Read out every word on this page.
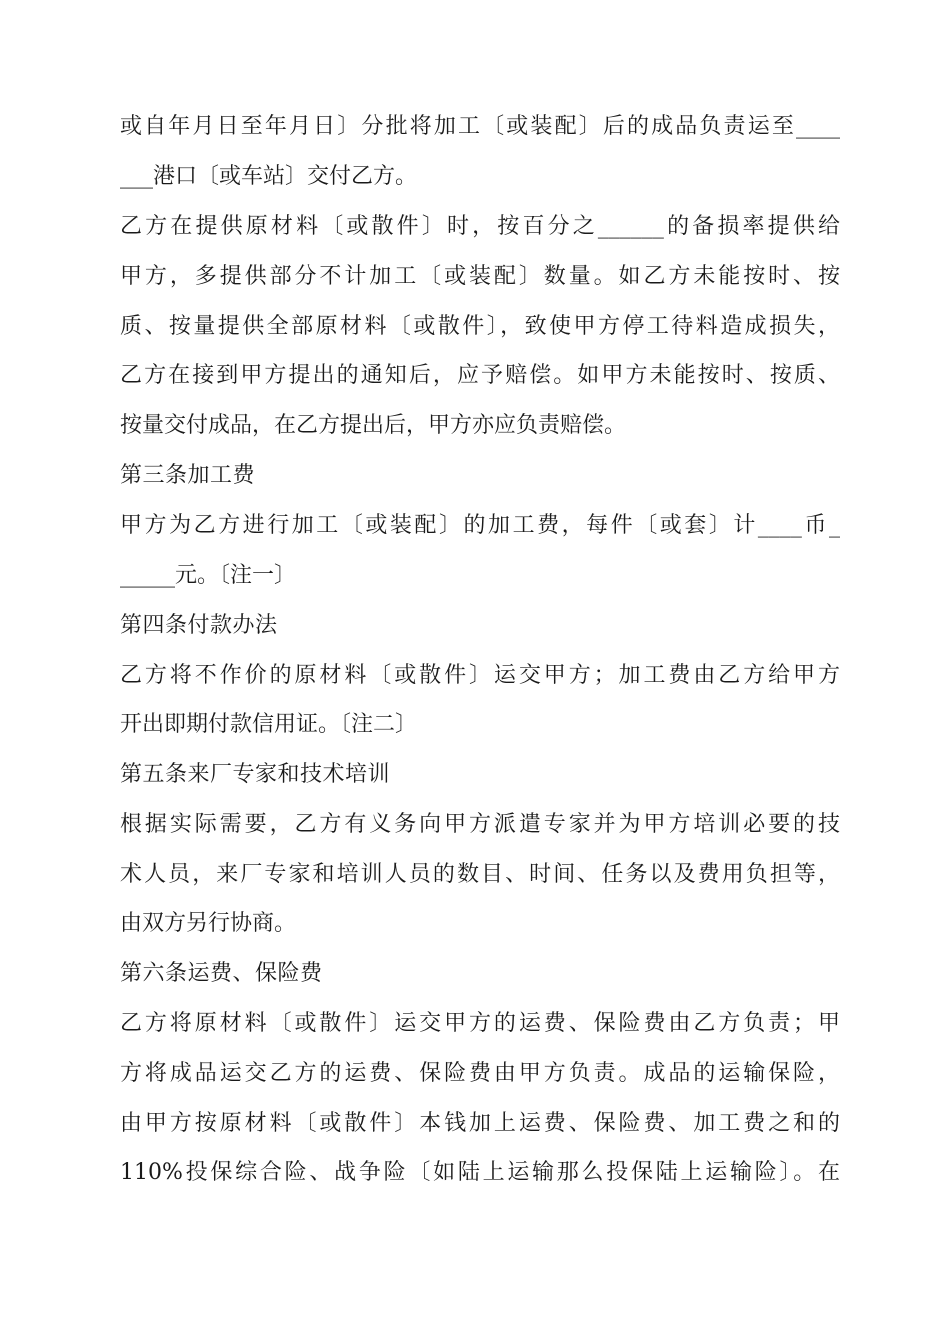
或自年月日至年月日〕分批将加工〔或装配〕后的成品负责运至____
___港口〔或车站〕交付乙方。
乙方在提供原材料〔或散件〕时，按百分之______的备损率提供给
甲方，多提供部分不计加工〔或装配〕数量。如乙方未能按时、按
质、按量提供全部原材料〔或散件〕，致使甲方停工待料造成损失，
乙方在接到甲方提出的通知后，应予赔偿。如甲方未能按时、按质、
按量交付成品，在乙方提出后，甲方亦应负责赔偿。
第三条加工费
甲方为乙方进行加工〔或装配〕的加工费，每件〔或套〕计____币_
_____元。〔注一〕
第四条付款办法
乙方将不作价的原材料〔或散件〕运交甲方；加工费由乙方给甲方
开出即期付款信用证。〔注二〕
第五条来厂专家和技术培训
根据实际需要，乙方有义务向甲方派遣专家并为甲方培训必要的技
术人员，来厂专家和培训人员的数目、时间、任务以及费用负担等，
由双方另行协商。
第六条运费、保险费
乙方将原材料〔或散件〕运交甲方的运费、保险费由乙方负责；甲
方将成品运交乙方的运费、保险费由甲方负责。成品的运输保险，
由甲方按原材料〔或散件〕本钱加上运费、保险费、加工费之和的
110%投保综合险、战争险〔如陆上运输那么投保陆上运输险〕。在
